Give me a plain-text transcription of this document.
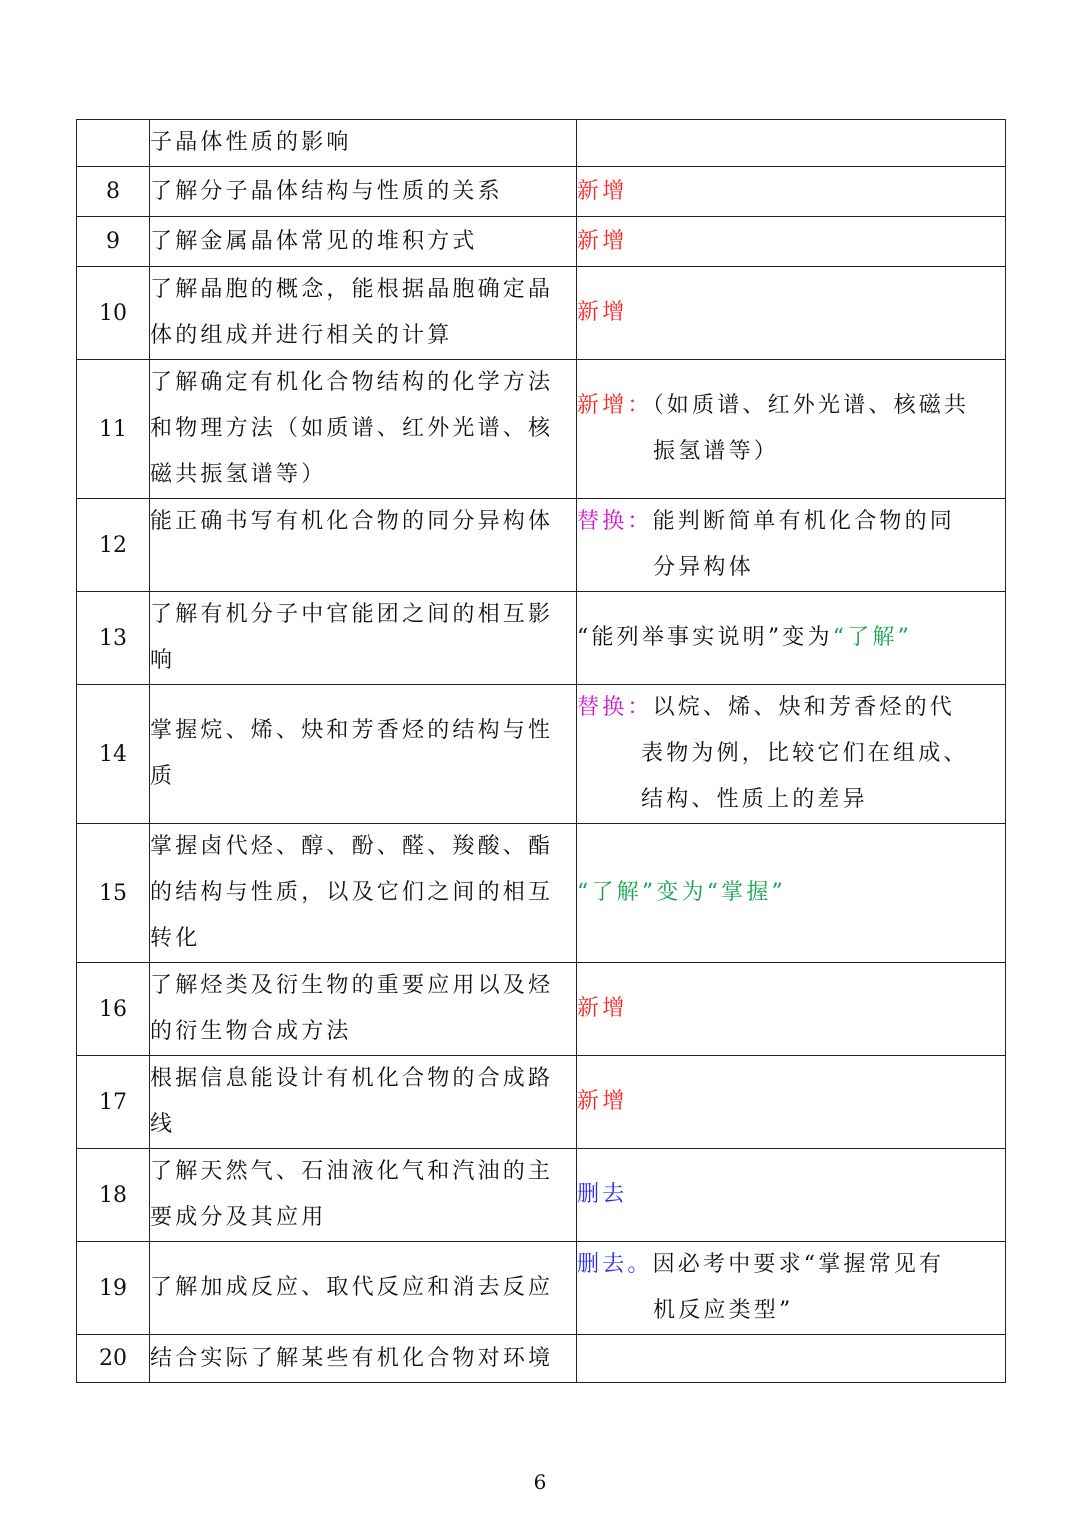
	子晶体性质的影响	

8	了解分子晶体结构与性质的关系	新增

9	了解金属晶体常见的堆积方式	新增

10	了解晶胞的概念，能根据晶胞确定晶
体的组成并进行相关的计算	新增

11	了解确定有机化合物结构的化学方法
和物理方法（如质谱、红外光谱、核
磁共振氢谱等）	新增：（如质谱、红外光谱、核磁共
振氢谱等）

12	能正确书写有机化合物的同分异构体	替换：能判断简单有机化合物的同
分异构体

13	了解有机分子中官能团之间的相互影
响	“能列举事实说明”变为“了解”

14	掌握烷、烯、炔和芳香烃的结构与性
质	替换：以烷、烯、炔和芳香烃的代
表物为例，比较它们在组成、
结构、性质上的差异

15	掌握卤代烃、醇、酚、醛、羧酸、酯
的结构与性质，以及它们之间的相互
转化	“了解”变为“掌握”

16	了解烃类及衍生物的重要应用以及烃
的衍生物合成方法	新增

17	根据信息能设计有机化合物的合成路
线	新增

18	了解天然气、石油液化气和汽油的主
要成分及其应用	删去

19	了解加成反应、取代反应和消去反应	删去。因必考中要求“掌握常见有
机反应类型”

20	结合实际了解某些有机化合物对环境	

6
